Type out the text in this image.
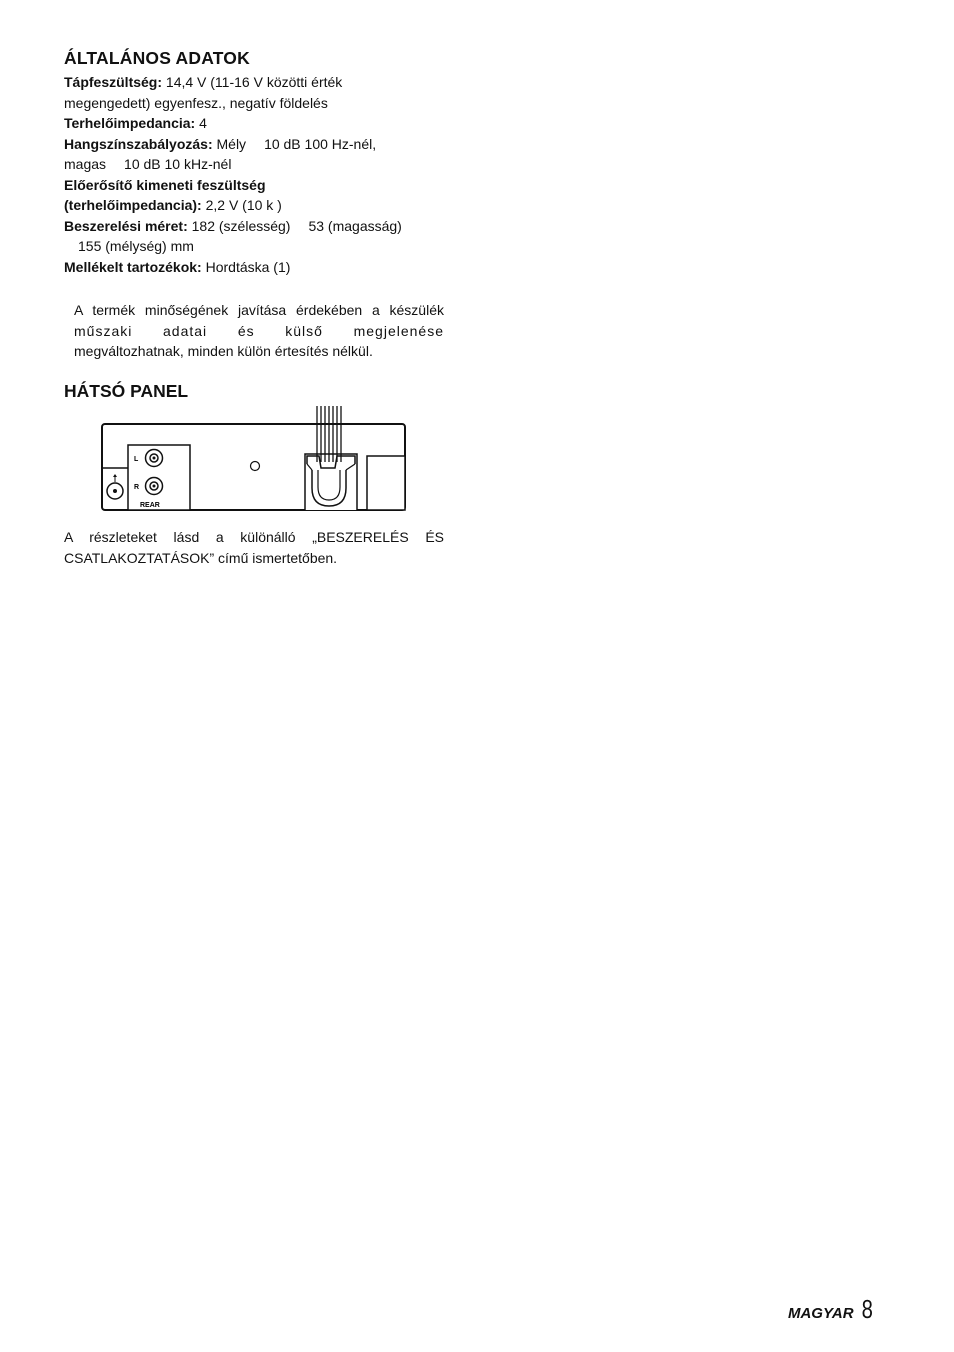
ÁLTALÁNOS ADATOK
Tápfeszültség: 14,4 V (11-16 V közötti érték
megengedett) egyenfesz., negatív földelés
Terhelőimpedancia: 4
Hangszínszabályozás: Mély 10 dB 100 Hz-nél,
magas 10 dB 10 kHz-nél
Előerősítő kimeneti feszültség
(terhelőimpedancia): 2,2 V (10 k )
Beszerelési méret: 182 (szélesség) 53 (magasság)
155 (mélység) mm
Mellékelt tartozékok: Hordtáska (1)
A termék minőségének javítása érdekében a készülék
műszaki adatai és külső megjelenése
megváltozhatnak, minden külön értesítés nélkül.
HÁTSÓ PANEL
L
R
REAR
A részleteket lásd a különálló „BESZERELÉS ÉS
CSATLAKOZTATÁSOK” című ismertetőben.
MAGYAR 8
